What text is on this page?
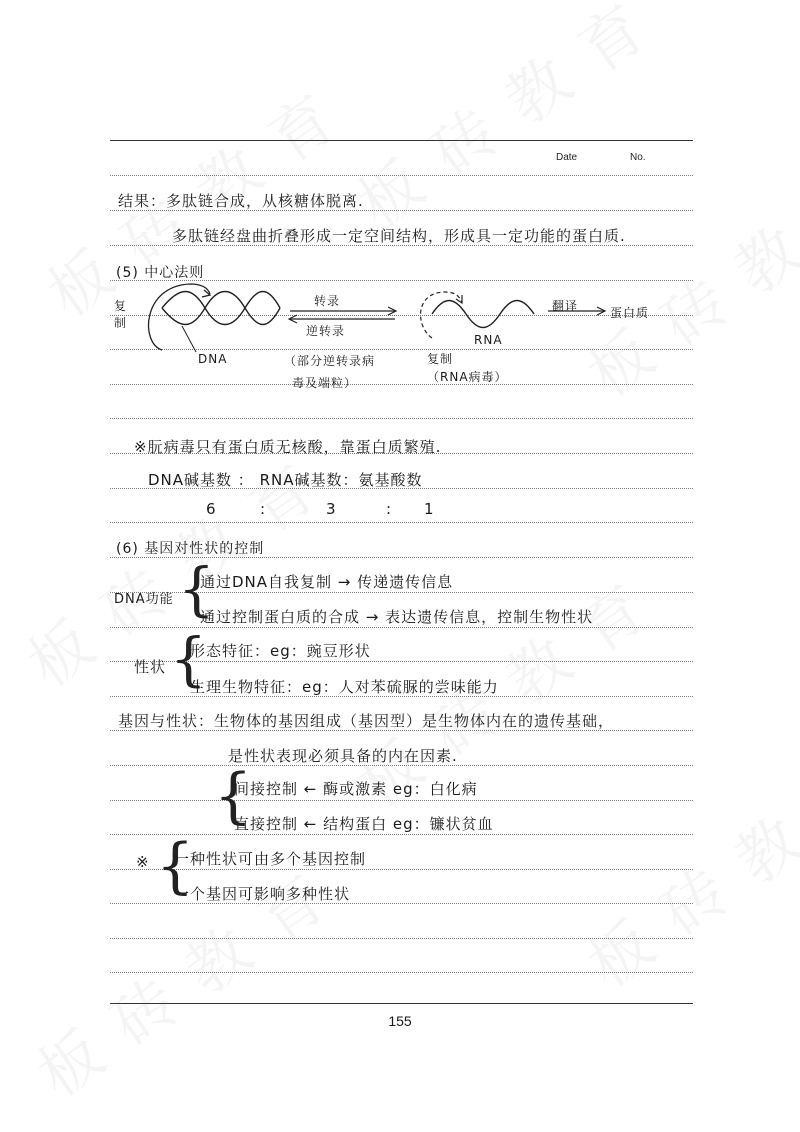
Date	No.
结果：多肽链合成，从核糖体脱离.
多肽链经盘曲折叠形成一定空间结构，形成具一定功能的蛋白质.
(5) 中心法则
复制
DNA
转录
逆转录
（部分逆转录病
毒及端粒）
RNA
复制
（RNA病毒）
翻译	蛋白质
※朊病毒只有蛋白质无核酸，靠蛋白质繁殖.
DNA碱基数 ： RNA碱基数：氨基酸数
6	:	3	: 1
(6) 基因对性状的控制
DNA功能 {
通过DNA自我复制 → 传递遗传信息
通过控制蛋白质的合成 → 表达遗传信息，控制生物性状
性状 {
形态特征：eg：豌豆形状
生理生物特征：eg：人对苯硫脲的尝味能力
基因与性状：生物体的基因组成（基因型）是生物体内在的遗传基础，
是性状表现必须具备的内在因素.
{
间接控制 ← 酶或激素 eg：白化病
直接控制 ← 结构蛋白 eg：镰状贫血
※ {
一种性状可由多个基因控制
一个基因可影响多种性状
155
